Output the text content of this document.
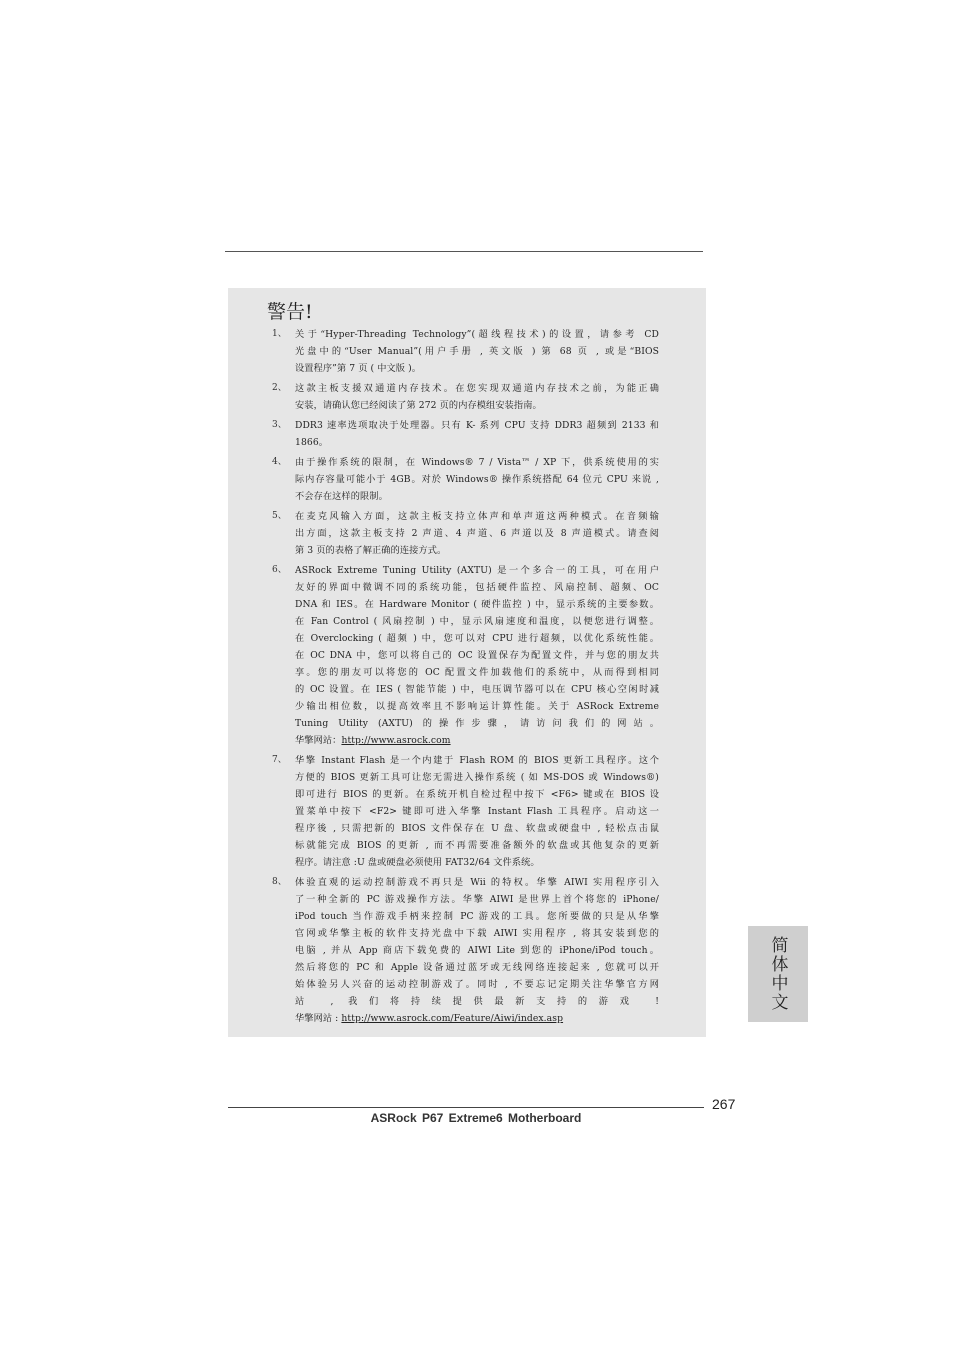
警告!
1、 关于“Hyper-Threading Technology”(超线程技术)的设置，请参考 CD
光盘中的“User Manual”(用户手册 , 英文版 ) 第 68 页 , 或是“BIOS
设置程序”第 7 页 ( 中文版 )。
2、 这款主板支援双通道内存技术。在您实现双通道内存技术之前，为能正确
安装，请确认您已经阅读了第 272 页的内存模组安装指南。
3、 DDR3 速率选项取决于处理器。只有 K- 系列 CPU 支持 DDR3 超频到 2133 和
1866。
4、 由于操作系统的限制，在 Windows® 7 / Vista™ / XP 下，供系统使用的实
际内存容量可能小于 4GB。对於 Windows® 操作系统搭配 64 位元 CPU 来说 ,
不会存在这样的限制。
5、 在麦克风输入方面，这款主板支持立体声和单声道这两种模式。在音频输
出方面，这款主板支持 2 声道、4 声道、6 声道以及 8 声道模式。请查阅
第 3 页的表格了解正确的连接方式。
6、 ASRock Extreme Tuning Utility (AXTU) 是一个多合一的工具，可在用户
友好的界面中微调不同的系统功能，包括硬件监控、风扇控制、超频、OC
DNA 和 IES。在 Hardware Monitor ( 硬件监控 ) 中，显示系统的主要参数。
在 Fan Control ( 风扇控制 ) 中，显示风扇速度和温度，以便您进行调整。
在 Overclocking ( 超频 ) 中，您可以对 CPU 进行超频，以优化系统性能。
在 OC DNA 中，您可以将自己的 OC 设置保存为配置文件，并与您的朋友共
享。您的朋友可以将您的 OC 配置文件加载他们的系统中，从而得到相同
的 OC 设置。在 IES ( 智能节能 ) 中，电压调节器可以在 CPU 核心空闲时减
少输出相位数，以提高效率且不影响运计算性能。关于 ASRock Extreme
Tuning Utility (AXTU) 的操作步骤，请访问我们的网站。
华擎网站：http://www.asrock.com
7、 华擎 Instant Flash 是一个内建于 Flash ROM 的 BIOS 更新工具程序。这个
方便的 BIOS 更新工具可让您无需进入操作系统 ( 如 MS-DOS 或 Windows®)
即可进行 BIOS 的更新。在系统开机自检过程中按下 <F6> 键或在 BIOS 设
置菜单中按下 <F2> 键即可进入华擎 Instant Flash 工具程序。启动这一
程序後 , 只需把新的 BIOS 文件保存在 U 盘、软盘或硬盘中 , 轻松点击鼠
标就能完成 BIOS 的更新 , 而不再需要准备额外的软盘或其他复杂的更新
程序。请注意 :U 盘或硬盘必须使用 FAT32/64 文件系统。
8、 体验直观的运动控制游戏不再只是 Wii 的特权。华擎 AIWI 实用程序引入
了一种全新的 PC 游戏操作方法。华擎 AIWI 是世界上首个将您的 iPhone/
iPod touch 当作游戏手柄来控制 PC 游戏的工具。您所要做的只是从华擎
官网或华擎主板的软件支持光盘中下载 AIWI 实用程序 , 将其安装到您的
电脑 , 并从 App 商店下载免费的 AIWI Lite 到您的 iPhone/iPod touch。
然后将您的 PC 和 Apple 设备通过蓝牙或无线网络连接起来 , 您就可以开
始体验另人兴奋的运动控制游戏了。同时 , 不要忘记定期关注华擎官方网
站 , 我们将持续提供最新支持的游戏 !
华擎网站 : http://www.asrock.com/Feature/Aiwi/index.asp
简体中文
267
ASRock P67 Extreme6 Motherboard
